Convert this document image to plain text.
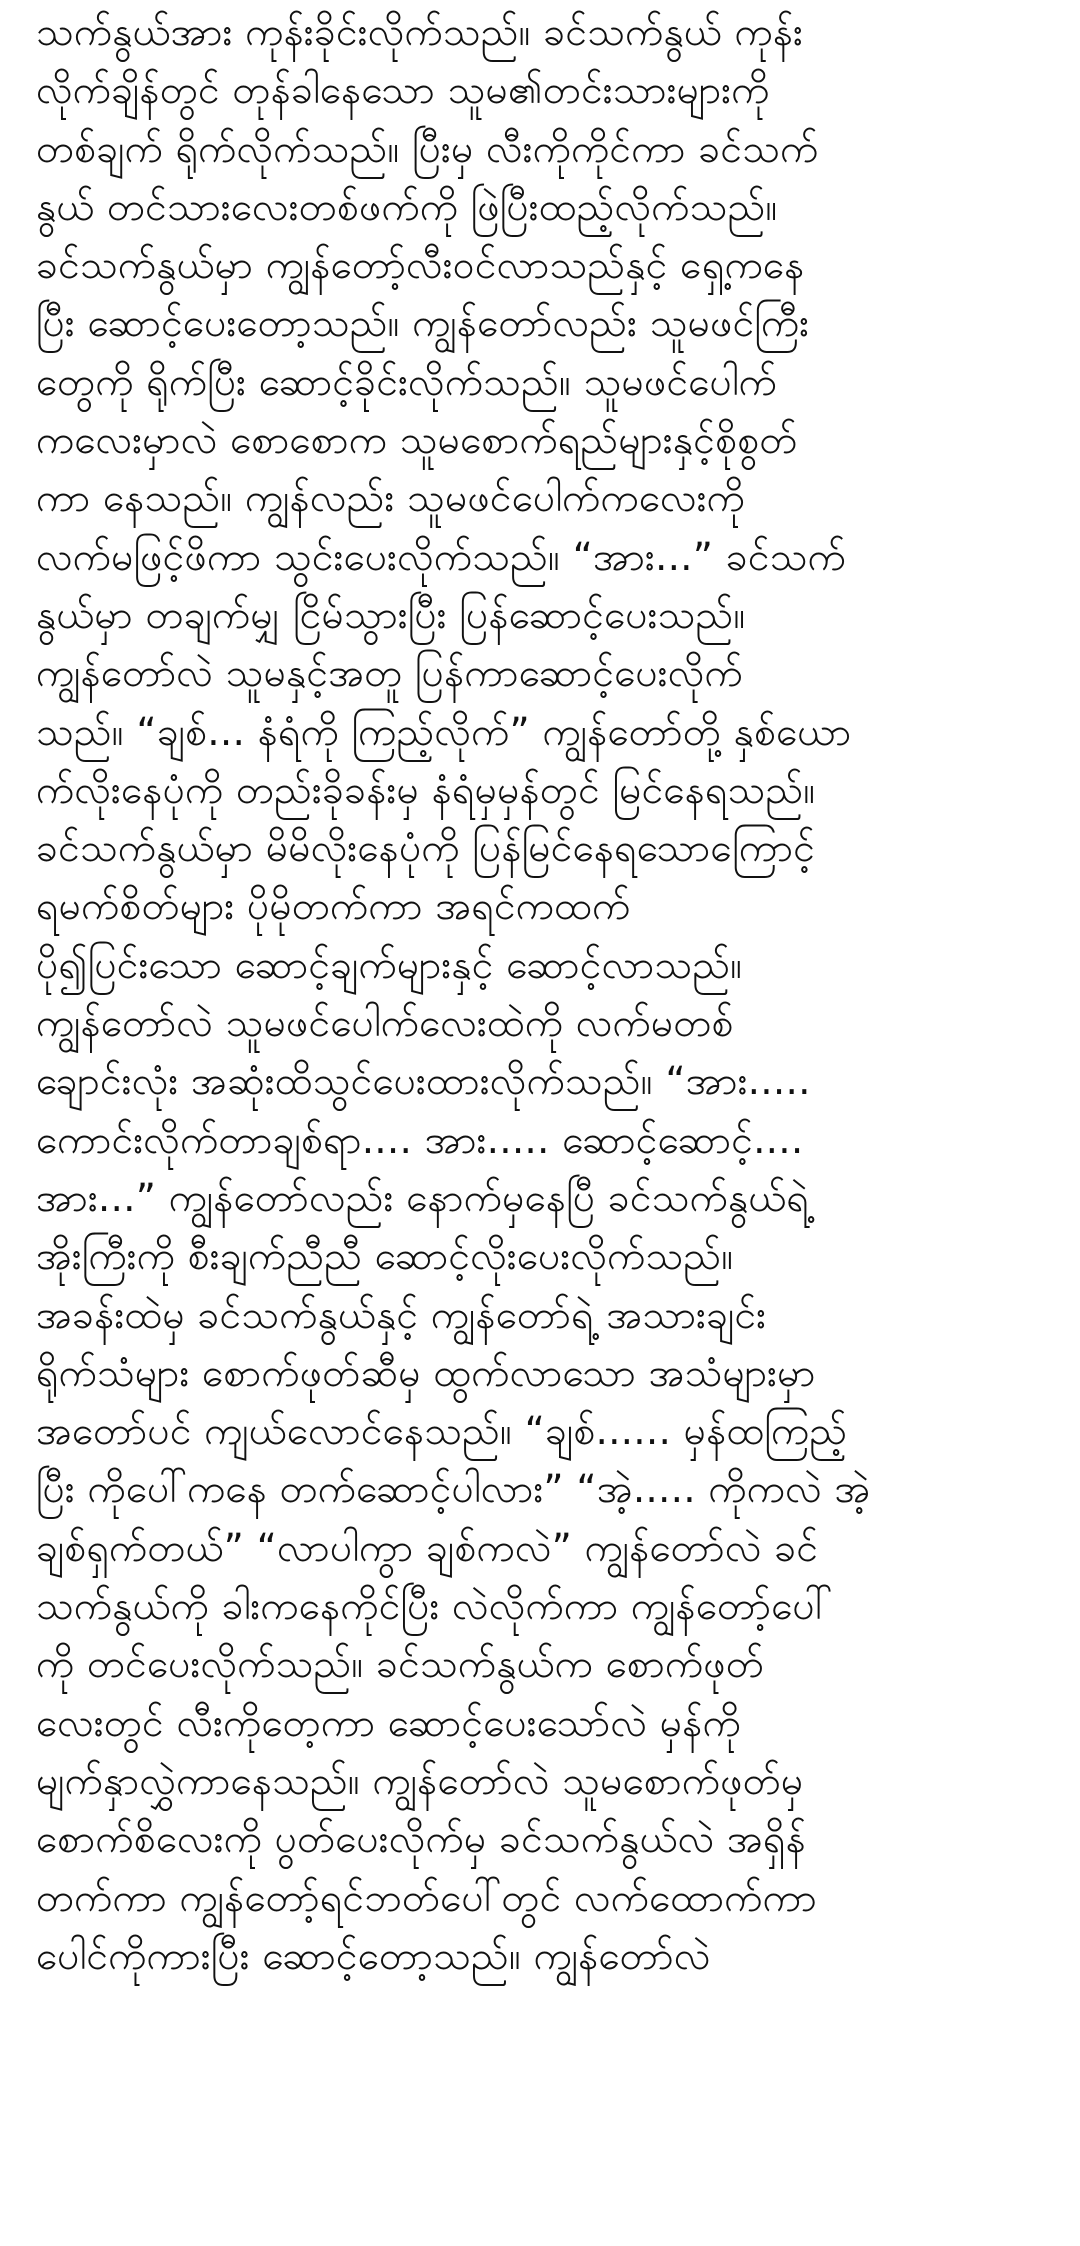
သက်နွယ်အား ကုန်းခိုင်းလိုက်သည်။ ခင်သက်နွယ် ကုန်း
လိုက်ချိန်တွင် တုန်ခါနေသော သူမ၏တင်းသားများကို
တစ်ချက် ရိုက်လိုက်သည်။ ပြီးမှ လီးကိုကိုင်ကာ ခင်သက်
နွယ် တင်သားလေးတစ်ဖက်ကို ဖြဲပြီးထည့်လိုက်သည်။
ခင်သက်နွယ်မှာ ကျွန်တော့်လီးဝင်လာသည်နှင့် ရှေ့ကနေ
ပြီး ဆောင့်ပေးတော့သည်။ ကျွန်တော်လည်း သူမဖင်ကြီး
တွေကို ရိုက်ပြီး ဆောင့်ခိုင်းလိုက်သည်။ သူမဖင်ပေါက်
ကလေးမှာလဲ စောစောက သူမစောက်ရည်များနှင့်စိုစွတ်
ကာ နေသည်။ ကျွန်လည်း သူမဖင်ပေါက်ကလေးကို
လက်မဖြင့်ဖိကာ သွင်းပေးလိုက်သည်။ “အား...” ခင်သက်
နွယ်မှာ တချက်မျှ ငြိမ်သွားပြီး ပြန်ဆောင့်ပေးသည်။
ကျွန်တော်လဲ သူမနှင့်အတူ ပြန်ကာဆောင့်ပေးလိုက်
သည်။ “ချစ်... နံရံကို ကြည့်လိုက်” ကျွန်တော်တို့ နှစ်ယော
က်လိုးနေပုံကို တည်းခိုခန်းမှ နံရံမှမှန်တွင် မြင်နေရသည်။
ခင်သက်နွယ်မှာ မိမိလိုးနေပုံကို ပြန်မြင်နေရသောကြောင့်
ရမက်စိတ်များ ပိုမိုတက်ကာ အရင်ကထက်
ပို၍ပြင်းသော ဆောင့်ချက်များနှင့် ဆောင့်လာသည်။
ကျွန်တော်လဲ သူမဖင်ပေါက်လေးထဲကို လက်မတစ်
ချောင်းလုံး အဆုံးထိသွင်ပေးထားလိုက်သည်။ “အား.....
ကောင်းလိုက်တာချစ်ရာ.... အား..... ဆောင့်ဆောင့်....
အား...” ကျွန်တော်လည်း နောက်မှနေပြီ ခင်သက်နွယ်ရဲ့
အိုးကြီးကို စီးချက်ညီညီ ဆောင့်လိုးပေးလိုက်သည်။
အခန်းထဲမှ ခင်သက်နွယ်နှင့် ကျွန်တော်ရဲ့ အသားချင်း
ရိုက်သံများ စောက်ဖုတ်ဆီမှ ထွက်လာသော အသံများမှာ
အတော်ပင် ကျယ်လောင်နေသည်။ “ချစ်...... မှန်ထကြည့်
ပြီး ကိုပေါ်ကနေ တက်ဆောင့်ပါလား” “အဲ့..... ကိုကလဲ အဲ့
ချစ်ရှက်တယ်” “လာပါကွာ ချစ်ကလဲ” ကျွန်တော်လဲ ခင်
သက်နွယ်ကို ခါးကနေကိုင်ပြီး လဲလိုက်ကာ ကျွန်တော့်ပေါ်
ကို တင်ပေးလိုက်သည်။ ခင်သက်နွယ်က စောက်ဖုတ်
လေးတွင် လီးကိုတေ့ကာ ဆောင့်ပေးသော်လဲ မှန်ကို
မျက်နှာလွှဲကာနေသည်။ ကျွန်တော်လဲ သူမစောက်ဖုတ်မှ
စောက်စိလေးကို ပွတ်ပေးလိုက်မှ ခင်သက်နွယ်လဲ အရှိန်
တက်ကာ ကျွန်တော့်ရင်ဘတ်ပေါ်တွင် လက်ထောက်ကာ
ပေါင်ကိုကားပြီး ဆောင့်တော့သည်။ ကျွန်တော်လဲ
